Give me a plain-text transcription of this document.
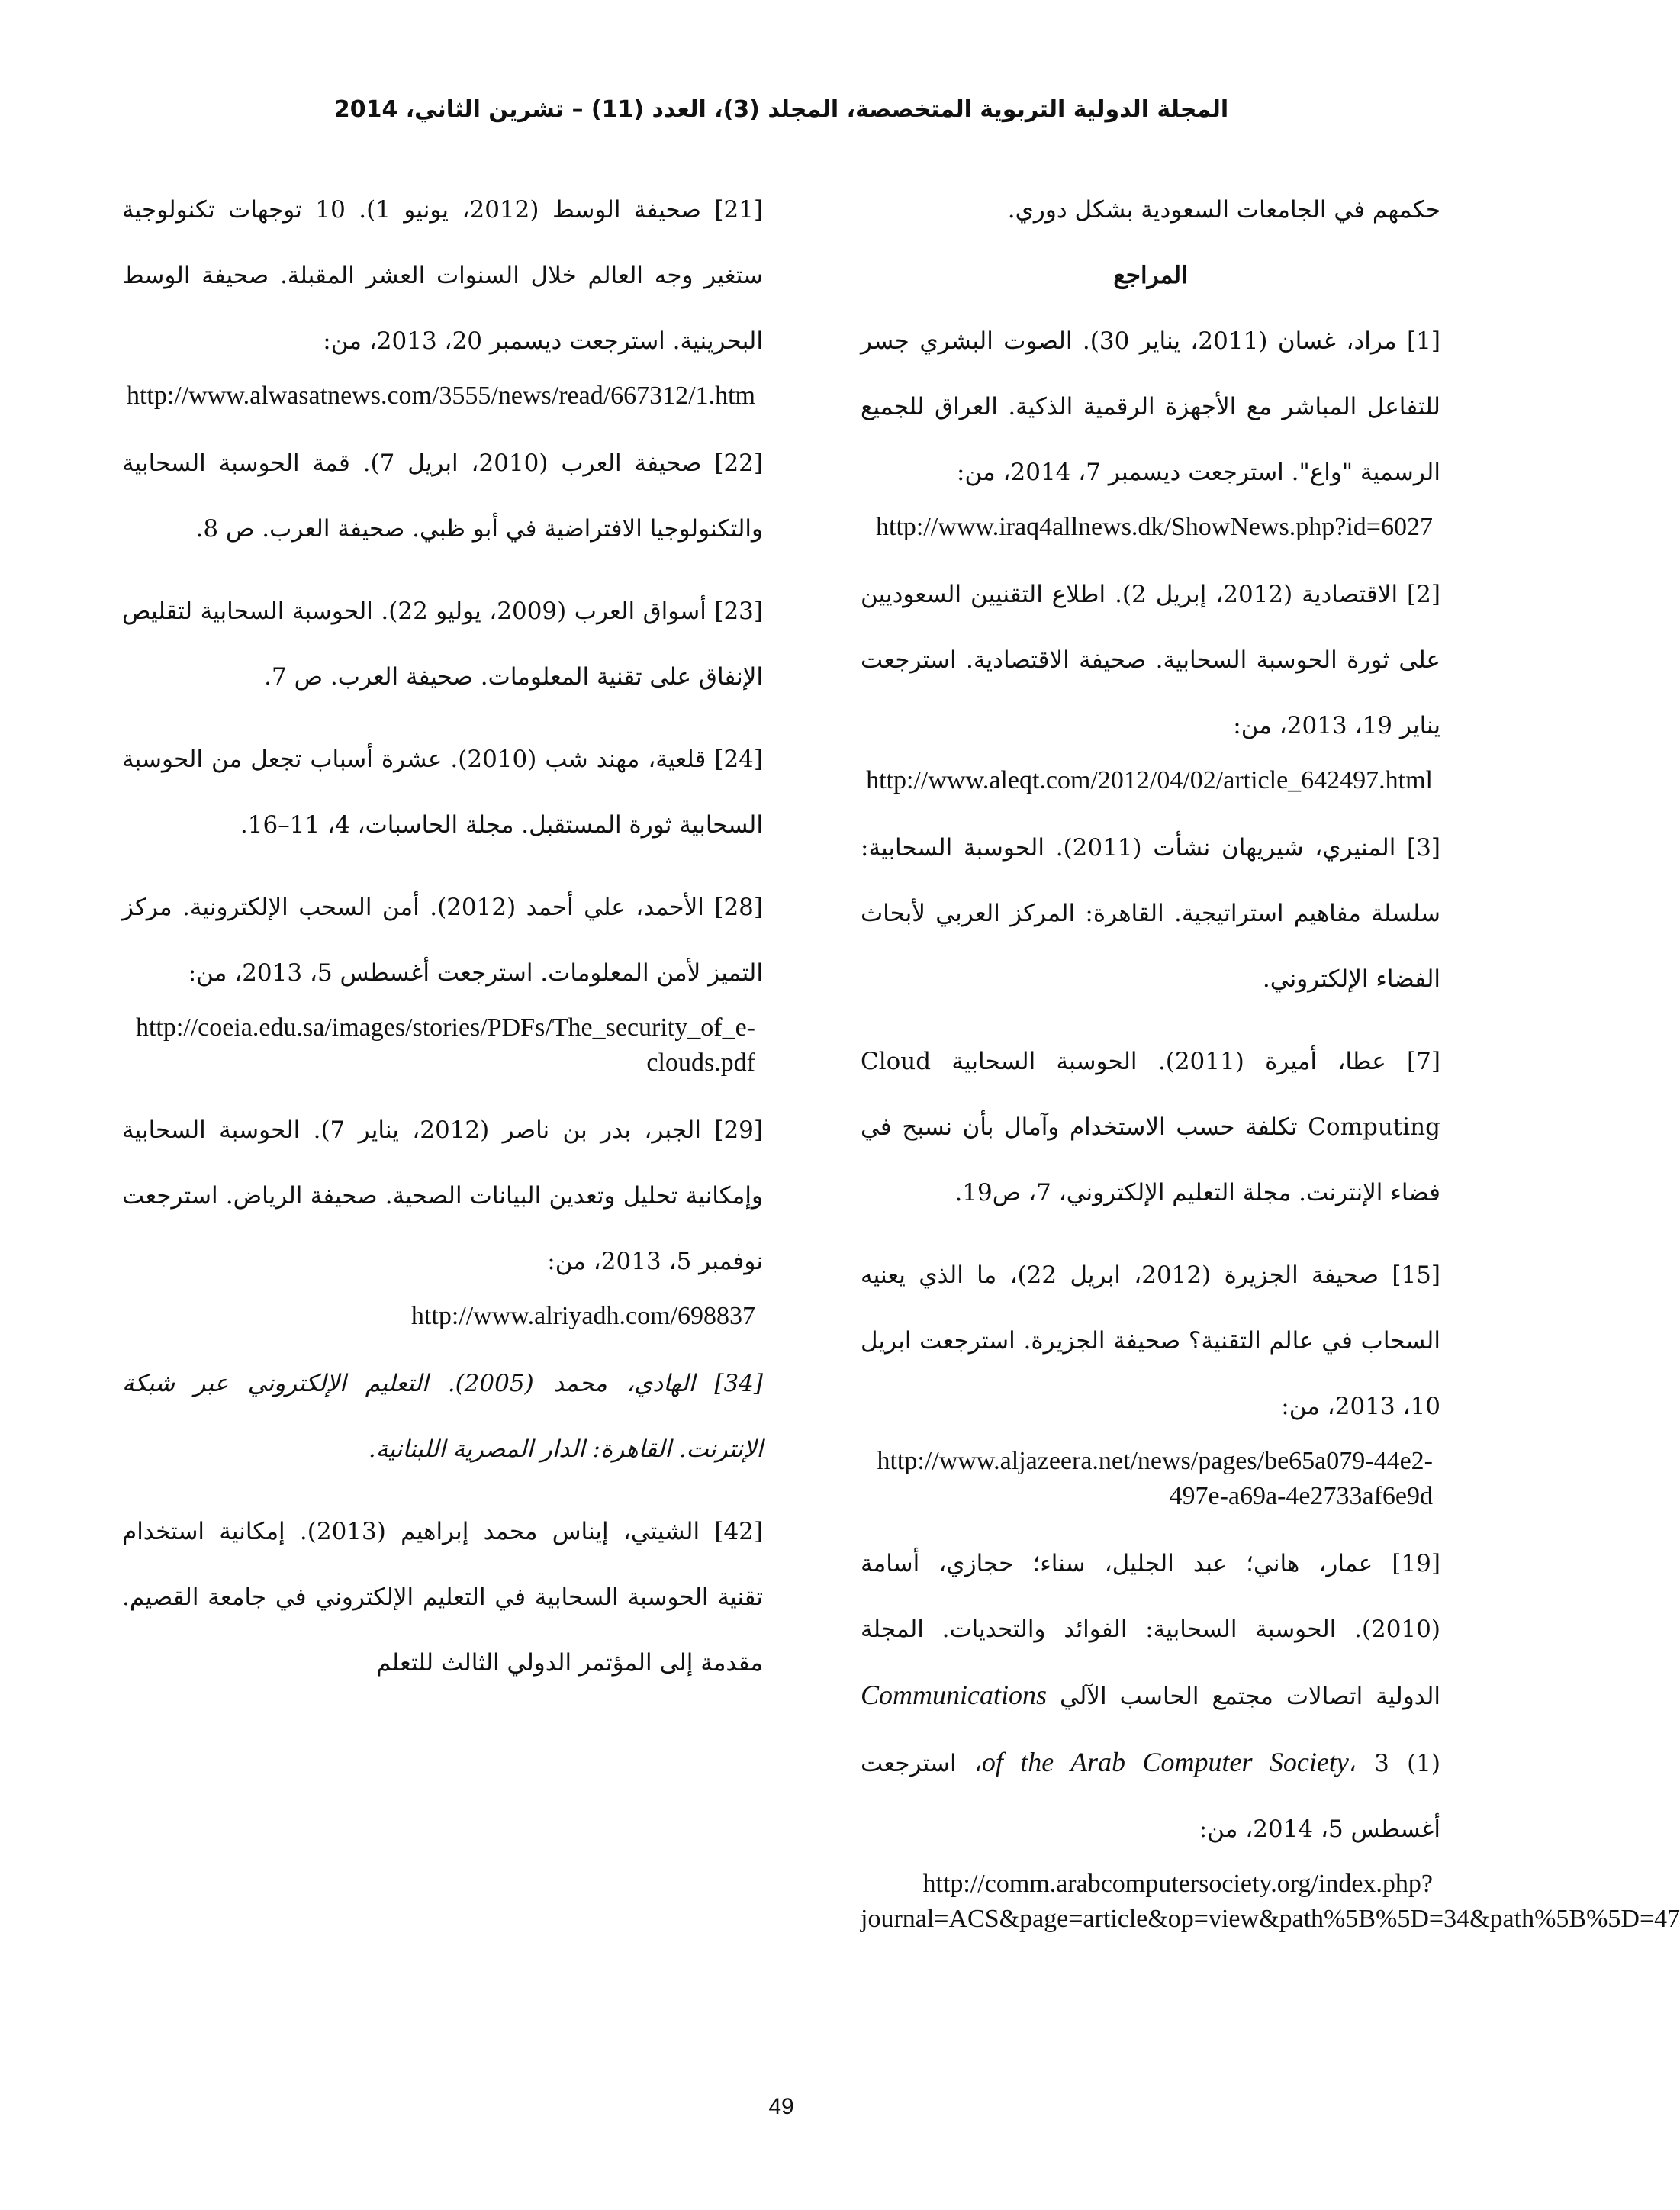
المجلة الدولية التربوية المتخصصة، المجلد (3)، العدد (11) – تشرين الثاني، 2014

حكمهم في الجامعات السعودية بشكل دوري.

المراجع

[1] مراد، غسان (2011، يناير 30). الصوت البشري جسر للتفاعل المباشر مع الأجهزة الرقمية الذكية. العراق للجميع الرسمية "واع". استرجعت ديسمبر 7، 2014، من:
http://www.iraq4allnews.dk/ShowNews.php?id=6027
[2] الاقتصادية (2012، إبريل 2). اطلاع التقنيين السعوديين على ثورة الحوسبة السحابية. صحيفة الاقتصادية. استرجعت يناير 19، 2013، من:
http://www.aleqt.com/2012/04/02/article_642497.html
[3] المنيري، شيريهان نشأت (2011). الحوسبة السحابية: سلسلة مفاهيم استراتيجية. القاهرة: المركز العربي لأبحاث الفضاء الإلكتروني.
[7] عطا، أميرة (2011). الحوسبة السحابية Cloud Computing تكلفة حسب الاستخدام وآمال بأن نسبح في فضاء الإنترنت. مجلة التعليم الإلكتروني، 7، ص19.
[15] صحيفة الجزيرة (2012، ابريل 22)، ما الذي يعنيه السحاب في عالم التقنية؟ صحيفة الجزيرة. استرجعت ابريل 10، 2013، من:
http://www.aljazeera.net/news/pages/be65a079-44e2-497e-a69a-4e2733af6e9d
[19] عمار، هاني؛ عبد الجليل، سناء؛ حجازي، أسامة (2010). الحوسبة السحابية: الفوائد والتحديات. المجلة الدولية اتصالات مجتمع الحاسب الآلي Communications of the Arab Computer Society، 3 (1)، استرجعت أغسطس 5، 2014، من:
http://comm.arabcomputersociety.org/index.php?journal=ACS&page=article&op=view&path%5B%5D=34&path%5B%5D=47
[21] صحيفة الوسط (2012، يونيو 1). 10 توجهات تكنولوجية ستغير وجه العالم خلال السنوات العشر المقبلة. صحيفة الوسط البحرينية. استرجعت ديسمبر 20، 2013، من:
http://www.alwasatnews.com/3555/news/read/667312/1.htm
[22] صحيفة العرب (2010، ابريل 7). قمة الحوسبة السحابية والتكنولوجيا الافتراضية في أبو ظبي. صحيفة العرب. ص 8.
[23] أسواق العرب (2009، يوليو 22). الحوسبة السحابية لتقليص الإنفاق على تقنية المعلومات. صحيفة العرب. ص 7.
[24] قلعية، مهند شب (2010). عشرة أسباب تجعل من الحوسبة السحابية ثورة المستقبل. مجلة الحاسبات، 4، 11–16.
[28] الأحمد، علي أحمد (2012). أمن السحب الإلكترونية. مركز التميز لأمن المعلومات. استرجعت أغسطس 5، 2013، من:
http://coeia.edu.sa/images/stories/PDFs/The_security_of_e-clouds.pdf
[29] الجبر، بدر بن ناصر (2012، يناير 7). الحوسبة السحابية وإمكانية تحليل وتعدين البيانات الصحية. صحيفة الرياض. استرجعت نوفمبر 5، 2013، من:
http://www.alriyadh.com/698837
[34] الهادي، محمد (2005). التعليم الإلكتروني عبر شبكة الإنترنت. القاهرة: الدار المصرية اللبنانية.
[42] الشيتي، إيناس محمد إبراهيم (2013). إمكانية استخدام تقنية الحوسبة السحابية في التعليم الإلكتروني في جامعة القصيم. مقدمة إلى المؤتمر الدولي الثالث للتعلم
49
